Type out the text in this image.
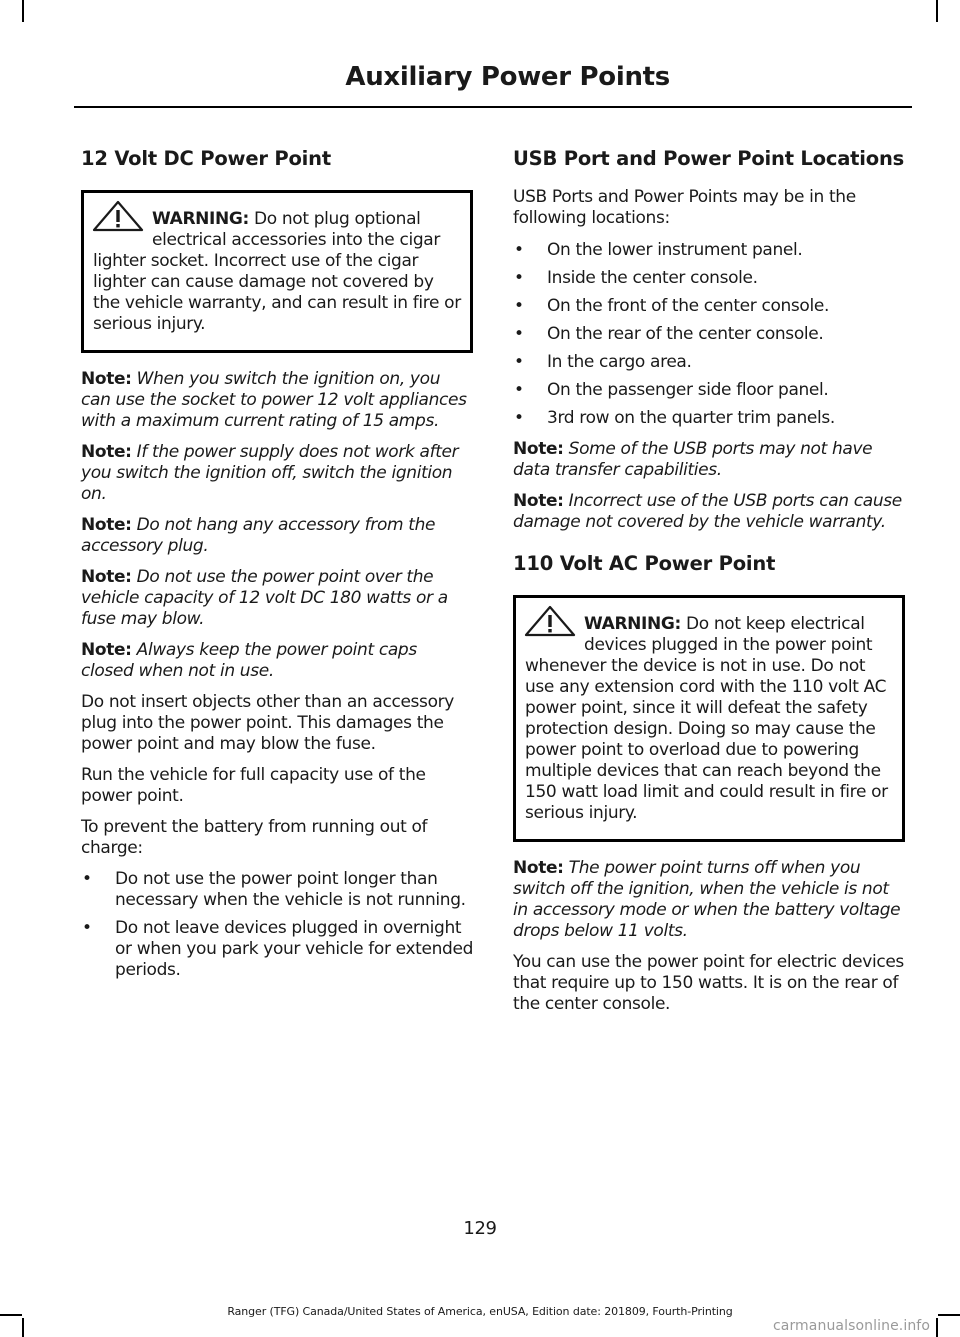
Auxiliary Power Points
12 Volt DC Power Point

WARNING: Do not plug optional electrical accessories into the cigar lighter socket. Incorrect use of the cigar lighter can cause damage not covered by the vehicle warranty, and can result in fire or serious injury.

Note: When you switch the ignition on, you can use the socket to power 12 volt appliances with a maximum current rating of 15 amps.

Note: If the power supply does not work after you switch the ignition off, switch the ignition on.

Note: Do not hang any accessory from the accessory plug.

Note: Do not use the power point over the vehicle capacity of 12 volt DC 180 watts or a fuse may blow.

Note: Always keep the power point caps closed when not in use.

Do not insert objects other than an accessory plug into the power point. This damages the power point and may blow the fuse.

Run the vehicle for full capacity use of the power point.

To prevent the battery from running out of charge:

• Do not use the power point longer than necessary when the vehicle is not running.
• Do not leave devices plugged in overnight or when you park your vehicle for extended periods.
USB Port and Power Point Locations

USB Ports and Power Points may be in the following locations:

• On the lower instrument panel.
• Inside the center console.
• On the front of the center console.
• On the rear of the center console.
• In the cargo area.
• On the passenger side floor panel.
• 3rd row on the quarter trim panels.

Note: Some of the USB ports may not have data transfer capabilities.

Note: Incorrect use of the USB ports can cause damage not covered by the vehicle warranty.

110 Volt AC Power Point

WARNING: Do not keep electrical devices plugged in the power point whenever the device is not in use. Do not use any extension cord with the 110 volt AC power point, since it will defeat the safety protection design. Doing so may cause the power point to overload due to powering multiple devices that can reach beyond the 150 watt load limit and could result in fire or serious injury.

Note: The power point turns off when you switch off the ignition, when the vehicle is not in accessory mode or when the battery voltage drops below 11 volts.

You can use the power point for electric devices that require up to 150 watts. It is on the rear of the center console.

129

Ranger (TFG) Canada/United States of America, enUSA, Edition date: 201809, Fourth-Printing

carmanualsonline.info
